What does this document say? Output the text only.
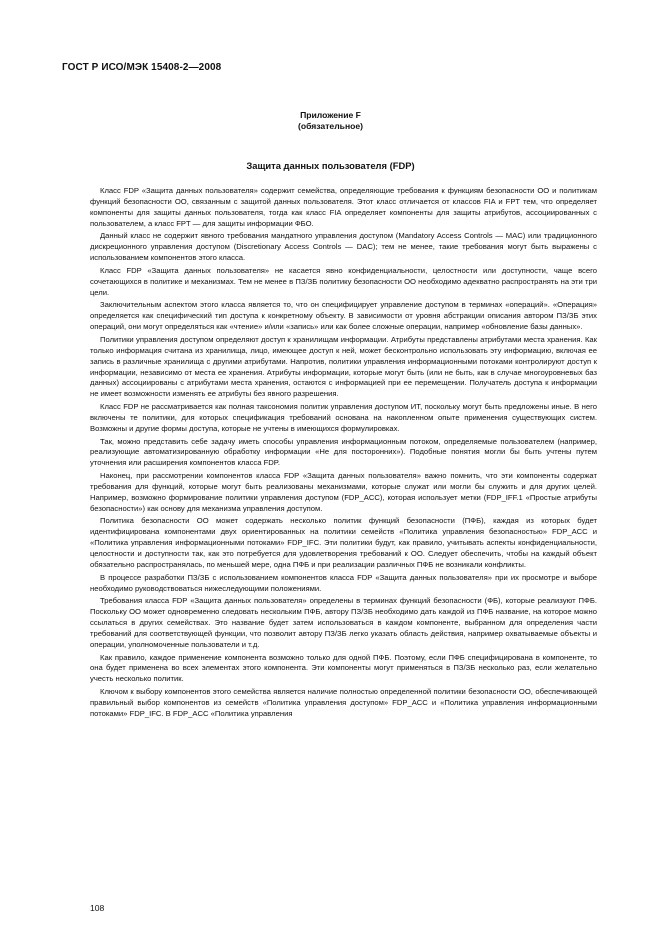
ГОСТ Р ИСО/МЭК 15408-2—2008
Приложение F
(обязательное)
Защита данных пользователя (FDP)

Класс FDP «Защита данных пользователя» содержит семейства, определяющие требования к функциям безопасности ОО и политикам функций безопасности ОО, связанным с защитой данных пользователя. Этот класс отличается от классов FIA и FPT тем, что определяет компоненты для защиты данных пользователя, тогда как класс FIA определяет компоненты для защиты атрибутов, ассоциированных с пользователем, а класс FPT — для защиты информации ФБО.

Данный класс не содержит явного требования мандатного управления доступом (Mandatory Access Controls — MAC) или традиционного дискреционного управления доступом (Discretionary Access Controls — DAC); тем не менее, такие требования могут быть выражены с использованием компонентов этого класса.

Класс FDP «Защита данных пользователя» не касается явно конфиденциальности, целостности или доступности, чаще всего сочетающихся в политике и механизмах. Тем не менее в ПЗ/ЗБ политику безопасности ОО необходимо адекватно распространять на эти три цели.

Заключительным аспектом этого класса является то, что он специфицирует управление доступом в терминах «операций». «Операция» определяется как специфический тип доступа к конкретному объекту. В зависимости от уровня абстракции описания автором ПЗ/ЗБ этих операций, они могут определяться как «чтение» и/или «запись» или как более сложные операции, например «обновление базы данных».

Политики управления доступом определяют доступ к хранилищам информации. Атрибуты представлены атрибутами места хранения. Как только информация считана из хранилища, лицо, имеющее доступ к ней, может бесконтрольно использовать эту информацию, включая ее запись в различные хранилища с другими атрибутами. Напротив, политики управления информационными потоками контролируют доступ к информации, независимо от места ее хранения. Атрибуты информации, которые могут быть (или не быть, как в случае многоуровневых баз данных) ассоциированы с атрибутами места хранения, остаются с информацией при ее перемещении. Получатель доступа к информации не имеет возможности изменять ее атрибуты без явного разрешения.

Класс FDP не рассматривается как полная таксономия политик управления доступом ИТ, поскольку могут быть предложены иные. В него включены те политики, для которых спецификация требований основана на накопленном опыте применения существующих систем. Возможны и другие формы доступа, которые не учтены в имеющихся формулировках.

Так, можно представить себе задачу иметь способы управления информационным потоком, определяемые пользователем (например, реализующие автоматизированную обработку информации «Не для посторонних»). Подобные понятия могли бы быть учтены путем уточнения или расширения компонентов класса FDP.

Наконец, при рассмотрении компонентов класса FDP «Защита данных пользователя» важно помнить, что эти компоненты содержат требования для функций, которые могут быть реализованы механизмами, которые служат или могли бы служить и для других целей. Например, возможно формирование политики управления доступом (FDP_ACC), которая использует метки (FDP_IFF.1 «Простые атрибуты безопасности») как основу для механизма управления доступом.

Политика безопасности ОО может содержать несколько политик функций безопасности (ПФБ), каждая из которых будет идентифицирована компонентами двух ориентированных на политики семейств «Политика управления безопасностью» FDP_ACC и «Политика управления информационными потоками» FDP_IFC. Эти политики будут, как правило, учитывать аспекты конфиденциальности, целостности и доступности так, как это потребуется для удовлетворения требований к ОО. Следует обеспечить, чтобы на каждый объект обязательно распространялась, по меньшей мере, одна ПФБ и при реализации различных ПФБ не возникали конфликты.

В процессе разработки ПЗ/ЗБ с использованием компонентов класса FDP «Защита данных пользователя» при их просмотре и выборе необходимо руководствоваться нижеследующими положениями.

Требования класса FDP «Защита данных пользователя» определены в терминах функций безопасности (ФБ), которые реализуют ПФБ. Поскольку ОО может одновременно следовать нескольким ПФБ, автору ПЗ/ЗБ необходимо дать каждой из ПФБ название, на которое можно ссылаться в других семействах. Это название будет затем использоваться в каждом компоненте, выбранном для определения части требований для соответствующей функции, что позволит автору ПЗ/ЗБ легко указать область действия, например охватываемые объекты и операции, уполномоченные пользователи и т.д.

Как правило, каждое применение компонента возможно только для одной ПФБ. Поэтому, если ПФБ специфицирована в компоненте, то она будет применена во всех элементах этого компонента. Эти компоненты могут применяться в ПЗ/ЗБ несколько раз, если желательно учесть несколько политик.

Ключом к выбору компонентов этого семейства является наличие полностью определенной политики безопасности ОО, обеспечивающей правильный выбор компонентов из семейств «Политика управления доступом» FDP_ACC и «Политика управления информационными потоками» FDP_IFC. В FDP_ACC «Политика управления

108
